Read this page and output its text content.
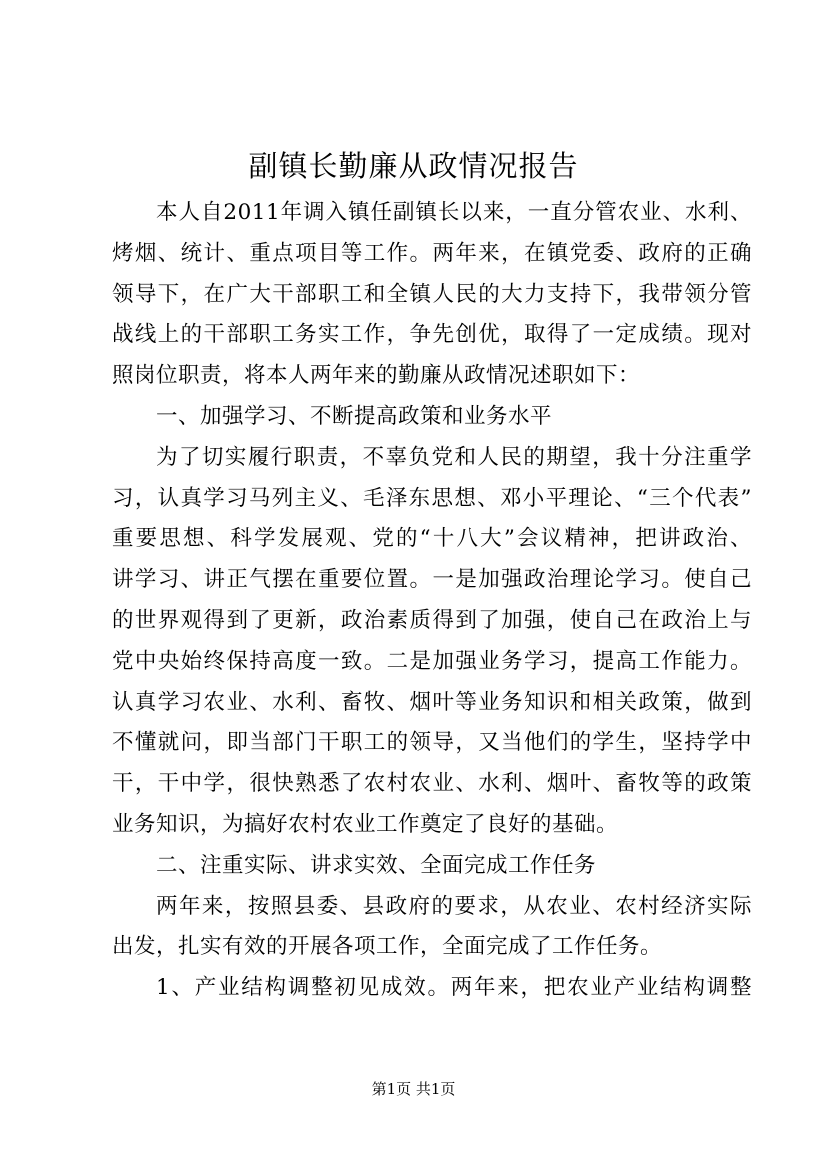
副镇长勤廉从政情况报告
本人自2011年调入镇任副镇长以来，一直分管农业、水利、
烤烟、统计、重点项目等工作。两年来，在镇党委、政府的正确
领导下，在广大干部职工和全镇人民的大力支持下，我带领分管
战线上的干部职工务实工作，争先创优，取得了一定成绩。现对
照岗位职责，将本人两年来的勤廉从政情况述职如下：
一、加强学习、不断提高政策和业务水平
为了切实履行职责，不辜负党和人民的期望，我十分注重学
习，认真学习马列主义、毛泽东思想、邓小平理论、“三个代表”
重要思想、科学发展观、党的“十八大”会议精神，把讲政治、
讲学习、讲正气摆在重要位置。一是加强政治理论学习。使自己
的世界观得到了更新，政治素质得到了加强，使自己在政治上与
党中央始终保持高度一致。二是加强业务学习，提高工作能力。
认真学习农业、水利、畜牧、烟叶等业务知识和相关政策，做到
不懂就问，即当部门干职工的领导，又当他们的学生，坚持学中
干，干中学，很快熟悉了农村农业、水利、烟叶、畜牧等的政策
业务知识，为搞好农村农业工作奠定了良好的基础。
二、注重实际、讲求实效、全面完成工作任务
两年来，按照县委、县政府的要求，从农业、农村经济实际
出发，扎实有效的开展各项工作，全面完成了工作任务。
1、产业结构调整初见成效。两年来，把农业产业结构调整
第1页 共1页
